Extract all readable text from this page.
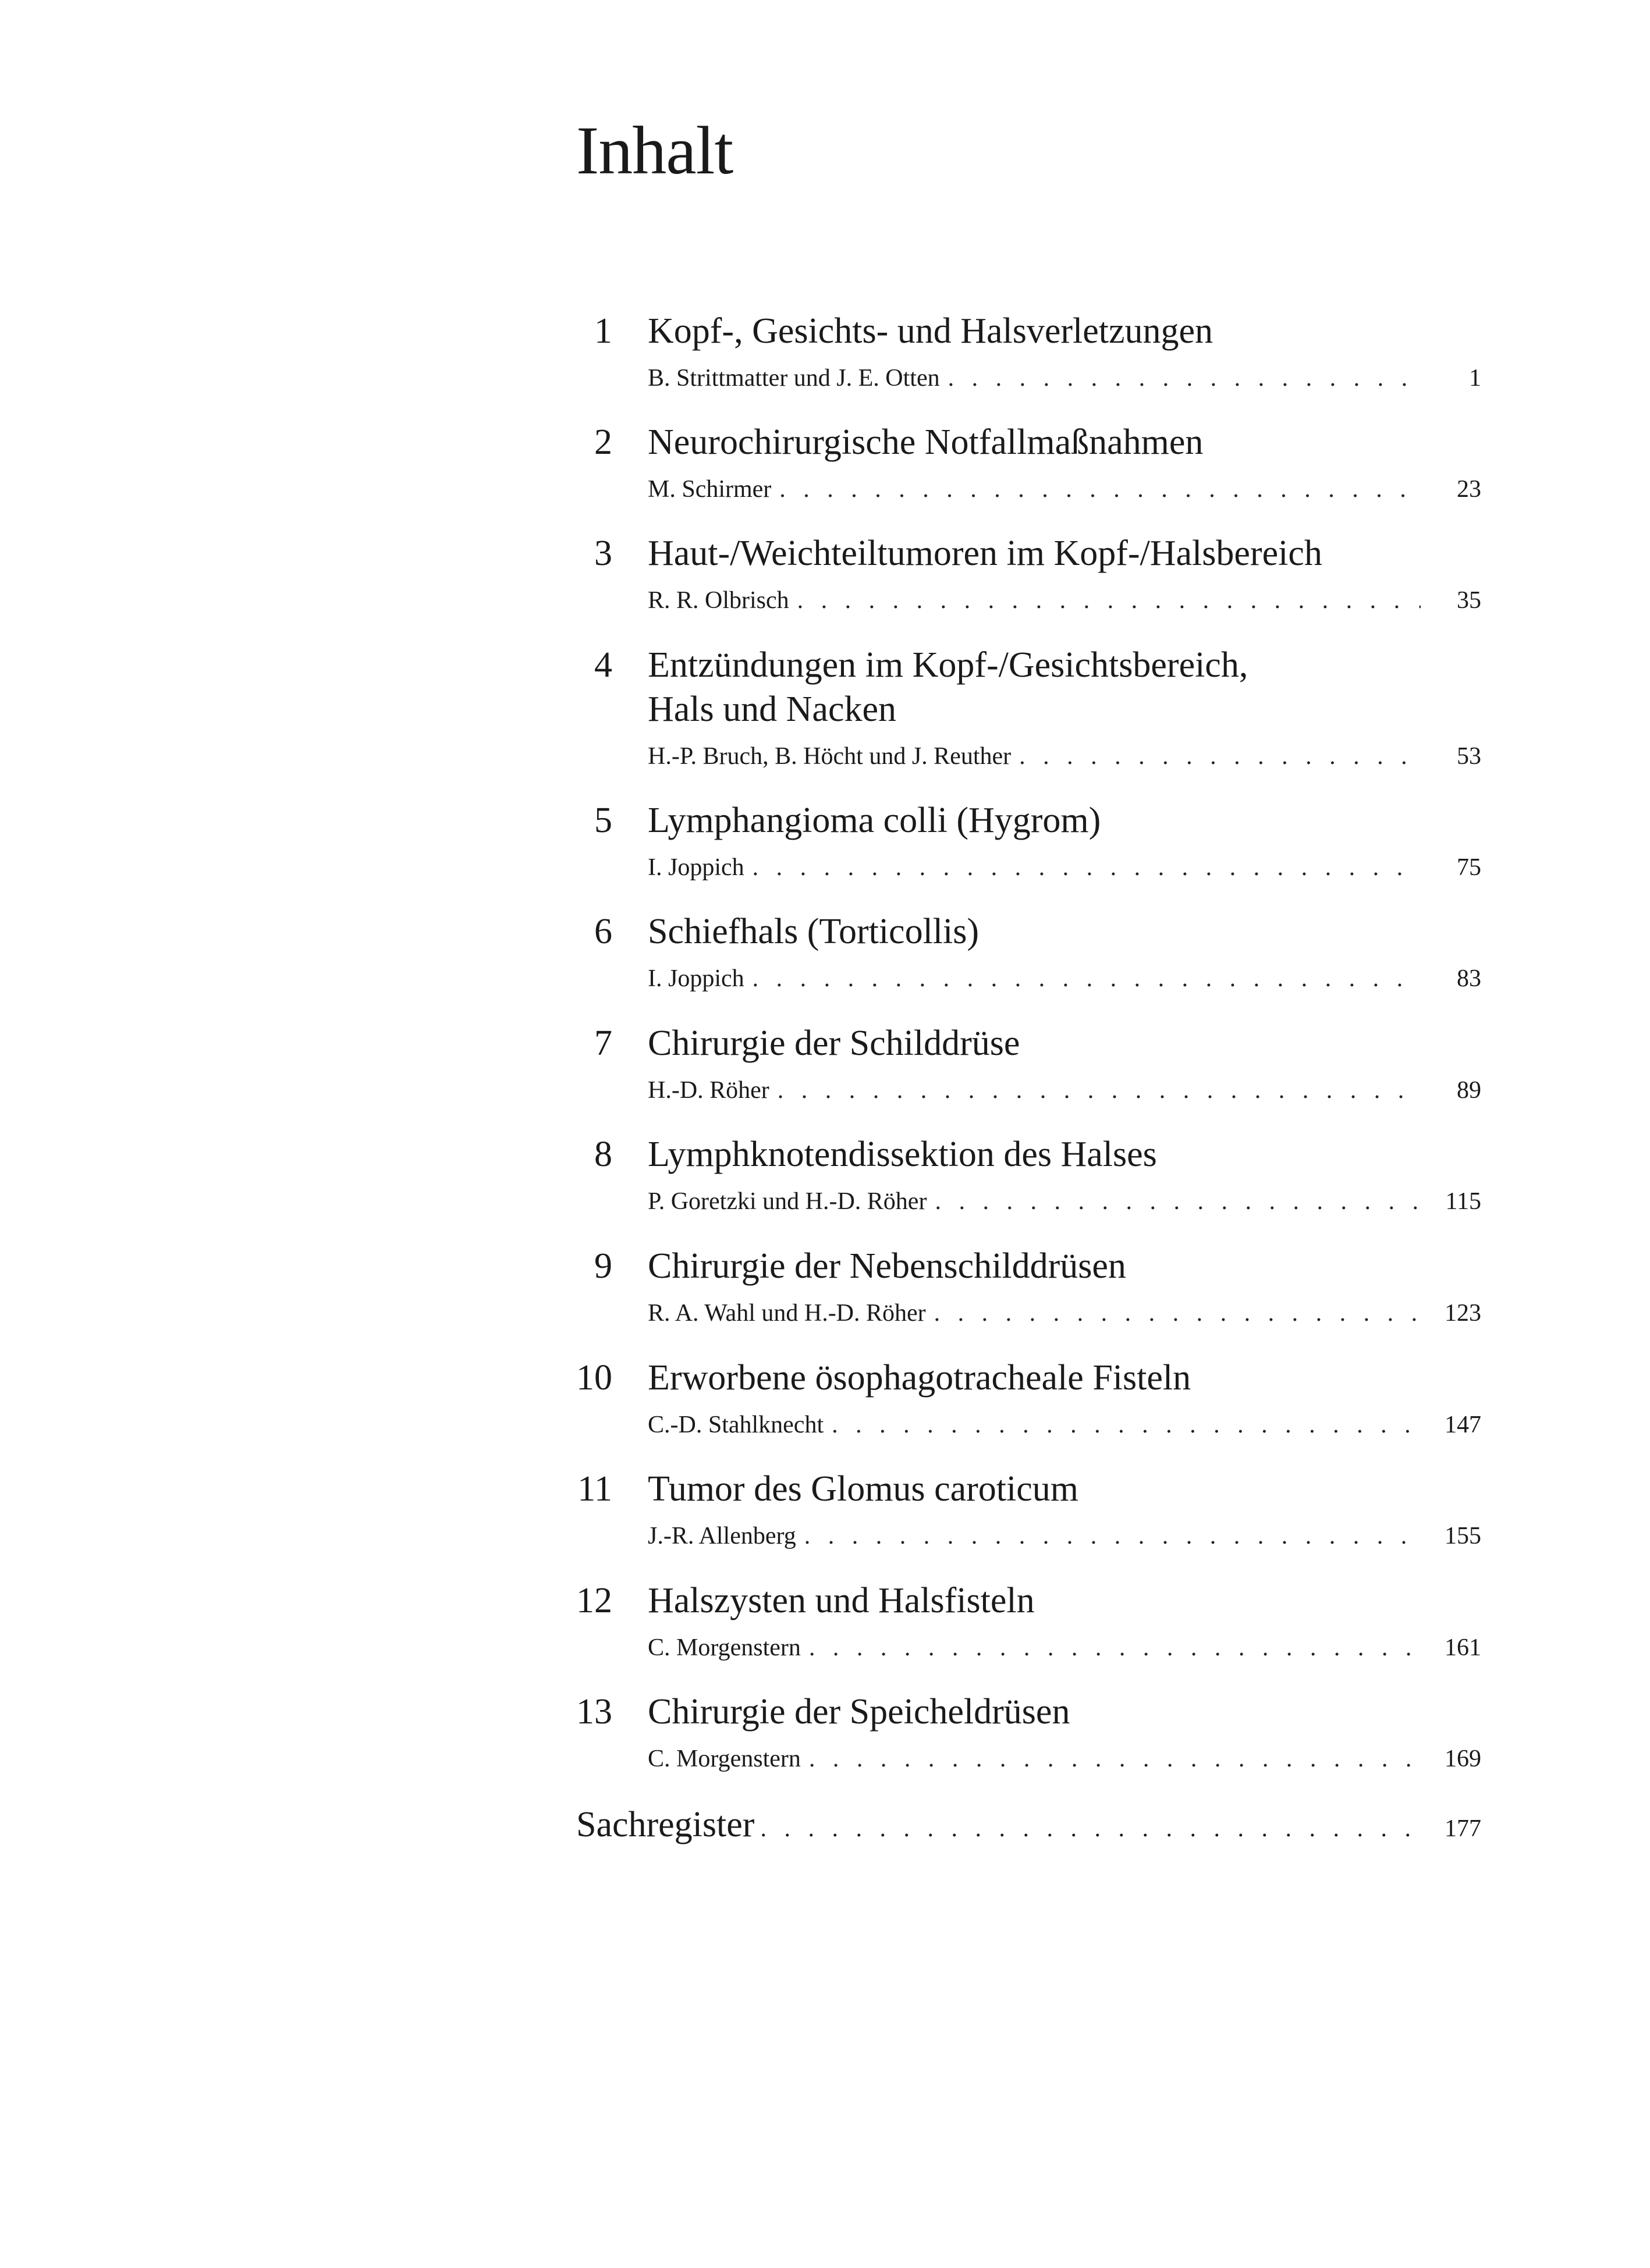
Inhalt
1 Kopf-, Gesichts- und Halsverletzungen
B. Strittmatter und J. E. Otten . . .	1
2 Neurochirurgische Notfallmaßnahmen
M. Schirmer . . .	23
3 Haut-/Weichteiltumoren im Kopf-/Halsbereich
R. R. Olbrisch . . .	35
4 Entzündungen im Kopf-/Gesichtsbereich,
Hals und Nacken
H.-P. Bruch, B. Höcht und J. Reuther . . .	53
5 Lymphangioma colli (Hygrom)
I. Joppich . . .	75
6 Schiefhals (Torticollis)
I. Joppich . . .	83
7 Chirurgie der Schilddrüse
H.-D. Röher . . .	89
8 Lymphknotendissektion des Halses
P. Goretzki und H.-D. Röher . . .	115
9 Chirurgie der Nebenschilddrüsen
R. A. Wahl und H.-D. Röher . . .	123
10 Erworbene ösophagotracheale Fisteln
C.-D. Stahlknecht . . .	147
11 Tumor des Glomus caroticum
J.-R. Allenberg . . .	155
12 Halszysten und Halsfisteln
C. Morgenstern . . .	161
13 Chirurgie der Speicheldrüsen
C. Morgenstern . . .	169
Sachregister . . .	177
